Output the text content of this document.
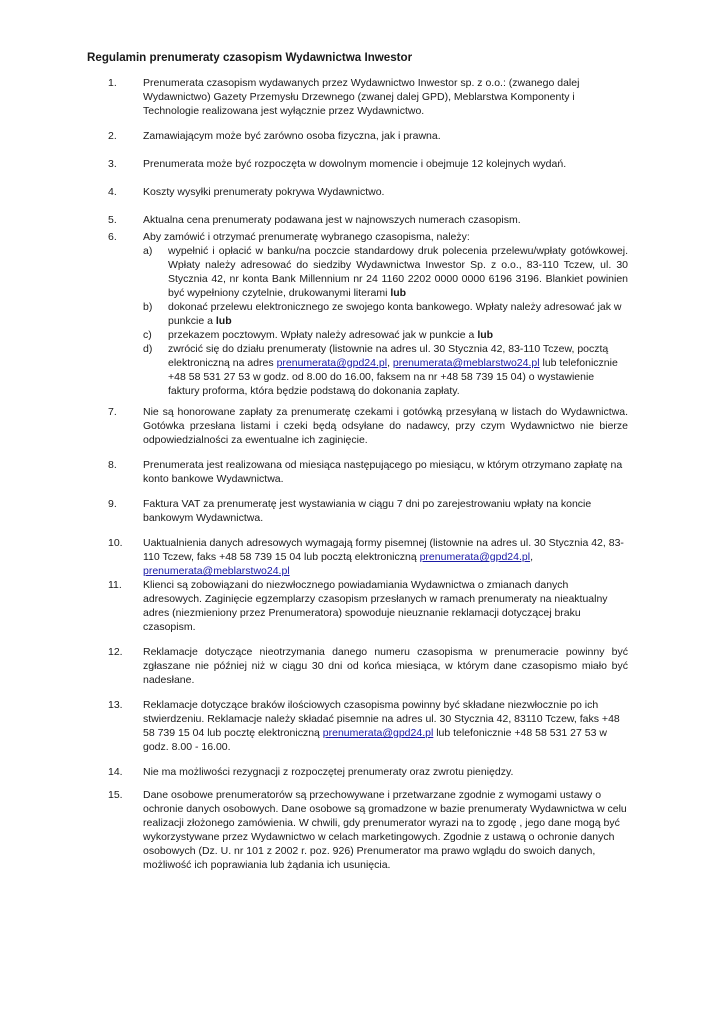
Regulamin prenumeraty czasopism Wydawnictwa Inwestor
1. Prenumerata czasopism wydawanych przez Wydawnictwo Inwestor sp. z o.o.: (zwanego dalej Wydawnictwo) Gazety Przemysłu Drzewnego (zwanej dalej GPD), Meblarstwa Komponenty i Technologie realizowana jest wyłącznie przez Wydawnictwo.
2. Zamawiającym może być zarówno osoba fizyczna, jak i prawna.
3. Prenumerata może być rozpoczęta w dowolnym momencie i obejmuje 12 kolejnych wydań.
4. Koszty wysyłki prenumeraty pokrywa Wydawnictwo.
5. Aktualna cena prenumeraty podawana jest w najnowszych numerach czasopism.
6. Aby zamówić i otrzymać prenumeratę wybranego czasopisma, należy:
a) wypełnić i opłacić w banku/na poczcie standardowy druk polecenia przelewu/wpłaty gotówkowej. Wpłaty należy adresować do siedziby Wydawnictwa Inwestor Sp. z o.o., 83-110 Tczew, ul. 30 Stycznia 42, nr konta Bank Millennium nr 24 1160 2202 0000 0000 6196 3196. Blankiet powinien być wypełniony czytelnie, drukowanymi literami lub
b) dokonać przelewu elektronicznego ze swojego konta bankowego. Wpłaty należy adresować jak w punkcie a lub
c) przekazem pocztowym. Wpłaty należy adresować jak w punkcie a lub
d) zwrócić się do działu prenumeraty (listownie na adres ul. 30 Stycznia 42, 83-110 Tczew, pocztą elektroniczną na adres prenumerata@gpd24.pl, prenumerata@meblarstwo24.pl lub telefonicznie +48 58 531 27 53 w godz. od 8.00 do 16.00, faksem na nr +48 58 739 15 04) o wystawienie faktury proforma, która będzie podstawą do dokonania zapłaty.
7. Nie są honorowane zapłaty za prenumeratę czekami i gotówką przesyłaną w listach do Wydawnictwa. Gotówka przesłana listami i czeki będą odsyłane do nadawcy, przy czym Wydawnictwo nie bierze odpowiedzialności za ewentualne ich zaginięcie.
8. Prenumerata jest realizowana od miesiąca następującego po miesiącu, w którym otrzymano zapłatę na konto bankowe Wydawnictwa.
9. Faktura VAT za prenumeratę jest wystawiania w ciągu 7 dni po zarejestrowaniu wpłaty na koncie bankowym Wydawnictwa.
10. Uaktualnienia danych adresowych wymagają formy pisemnej (listownie na adres ul. 30 Stycznia 42, 83-110 Tczew, faks +48 58 739 15 04 lub pocztą elektroniczną prenumerata@gpd24.pl, prenumerata@meblarstwo24.pl
11. Klienci są zobowiązani do niezwłocznego powiadamiania Wydawnictwa o zmianach danych adresowych. Zaginięcie egzemplarzy czasopism przesłanych w ramach prenumeraty na nieaktualny adres (niezmieniony przez Prenumeratora) spowoduje nieuznanie reklamacji dotyczącej braku czasopism.
12. Reklamacje dotyczące nieotrzymania danego numeru czasopisma w prenumeracie powinny być zgłaszane nie później niż w ciągu 30 dni od końca miesiąca, w którym dane czasopismo miało być nadesłane.
13. Reklamacje dotyczące braków ilościowych czasopisma powinny być składane niezwłocznie po ich stwierdzeniu. Reklamacje należy składać pisemnie na adres ul. 30 Stycznia 42, 83110 Tczew, faks +48 58 739 15 04 lub pocztę elektroniczną prenumerata@gpd24.pl lub telefonicznie +48 58 531 27 53 w godz. 8.00 - 16.00.
14. Nie ma możliwości rezygnacji z rozpoczętej prenumeraty oraz zwrotu pieniędzy.
15. Dane osobowe prenumeratorów są przechowywane i przetwarzane zgodnie z wymogami ustawy o ochronie danych osobowych. Dane osobowe są gromadzone w bazie prenumeraty Wydawnictwa w celu realizacji złożonego zamówienia. W chwili, gdy prenumerator wyrazi na to zgodę , jego dane mogą być wykorzystywane przez Wydawnictwo w celach marketingowych. Zgodnie z ustawą o ochronie danych osobowych (Dz. U. nr 101 z 2002 r. poz. 926) Prenumerator ma prawo wglądu do swoich danych, możliwość ich poprawiania lub żądania ich usunięcia.
